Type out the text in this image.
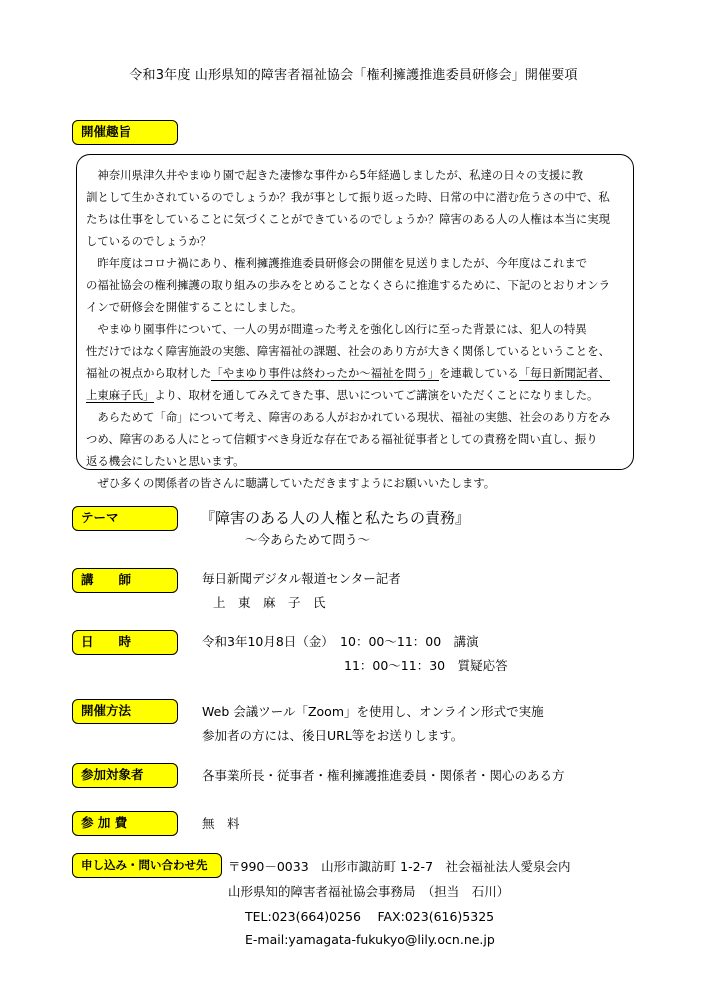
令和3年度 山形県知的障害者福祉協会「権利擁護推進委員研修会」開催要項
開催趣旨
　神奈川県津久井やまゆり園で起きた凄惨な事件から5年経過しましたが、私達の日々の支援に教
訓として生かされているのでしょうか？我が事として振り返った時、日常の中に潜む危うさの中で、私
たちは仕事をしていることに気づくことができているのでしょうか？障害のある人の人権は本当に実現
しているのでしょうか？
　昨年度はコロナ禍にあり、権利擁護推進委員研修会の開催を見送りましたが、今年度はこれまで
の福祉協会の権利擁護の取り組みの歩みをとめることなくさらに推進するために、下記のとおりオンラ
インで研修会を開催することにしました。
　やまゆり園事件について、一人の男が間違った考えを強化し凶行に至った背景には、犯人の特異
性だけではなく障害施設の実態、障害福祉の課題、社会のあり方が大きく関係しているということを、
福祉の視点から取材した「やまゆり事件は終わったか～福祉を問う」を連載している「毎日新聞記者、
上東麻子氏」より、取材を通してみえてきた事、思いについてご講演をいただくことになりました。
　あらためて「命」について考え、障害のある人がおかれている現状、福祉の実態、社会のあり方をみ
つめ、障害のある人にとって信頼すべき身近な存在である福祉従事者としての責務を問い直し、振り
返る機会にしたいと思います。
　ぜひ多くの関係者の皆さんに聴講していただきますようにお願いいたします。
テーマ	『障害のある人の人権と私たちの責務』
～今あらためて問う～
講　　師	毎日新聞デジタル報道センター記者
上　東　麻　子　氏
日　　時	令和3年10月8日（金）　10：00～11：00　講演
11：00～11：30　質疑応答
開催方法	Web 会議ツール「Zoom」を使用し、オンライン形式で実施
参加者の方には、後日URL等をお送りします。
参加対象者	各事業所長・従事者・権利擁護推進委員・関係者・関心のある方
参 加 費	無　料
申し込み・問い合わせ先	〒990－0033　山形市諏訪町 1-2-7　社会福祉法人愛泉会内
山形県知的障害者福祉協会事務局　（担当　石川）
TEL:023(664)0256　 FAX:023(616)5325
E-mail:yamagata-fukukyo@lily.ocn.ne.jp
